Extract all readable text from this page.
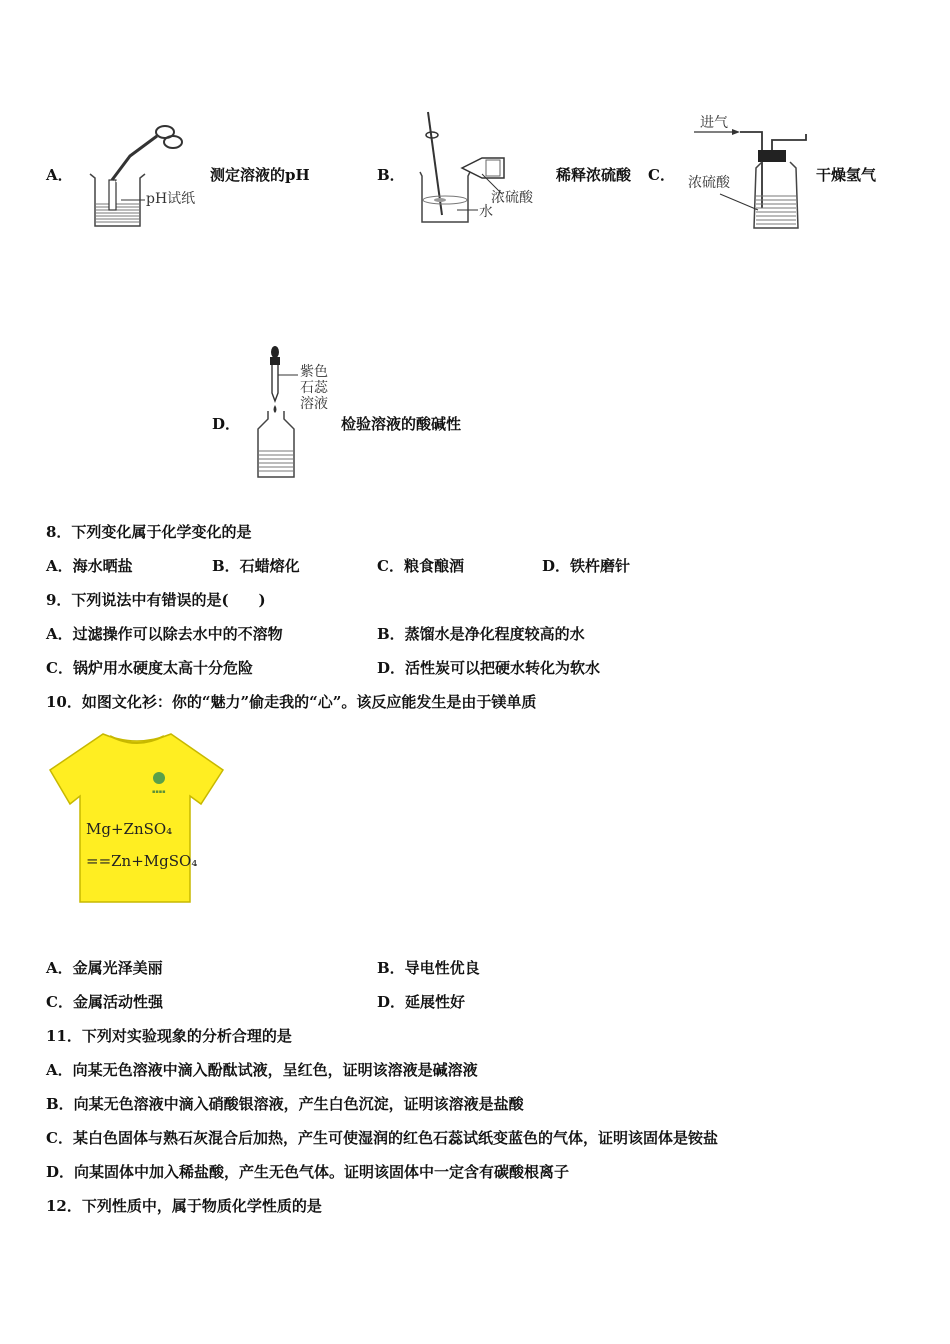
A．
pH试纸
测定溶液的pH	B．
浓硫酸
水
稀释浓硫酸 C．
进气
浓硫酸	干燥氢气
D．
紫色
石蕊
溶液
检验溶液的酸碱性
8．下列变化属于化学变化的是
A．海水晒盐	B．石蜡熔化	C．粮食酿酒	D．铁杵磨针
9．下列说法中有错误的是(　　)
A．过滤操作可以除去水中的不溶物	B．蒸馏水是净化程度较高的水
C．锅炉用水硬度太高十分危险	D．活性炭可以把硬水转化为软水
10．如图文化衫：你的“魅力”偷走我的“心”。该反应能发生是由于镁单质
▪▪▪▪
Mg+ZnSO₄
==Zn+MgSO₄
A．金属光泽美丽	B．导电性优良
C．金属活动性强	D．延展性好
11．下列对实验现象的分析合理的是
A．向某无色溶液中滴入酚酞试液，呈红色，证明该溶液是碱溶液
B．向某无色溶液中滴入硝酸银溶液，产生白色沉淀，证明该溶液是盐酸
C．某白色固体与熟石灰混合后加热，产生可使湿润的红色石蕊试纸变蓝色的气体，证明该固体是铵盐
D．向某固体中加入稀盐酸，产生无色气体。证明该固体中一定含有碳酸根离子
12．下列性质中，属于物质化学性质的是
